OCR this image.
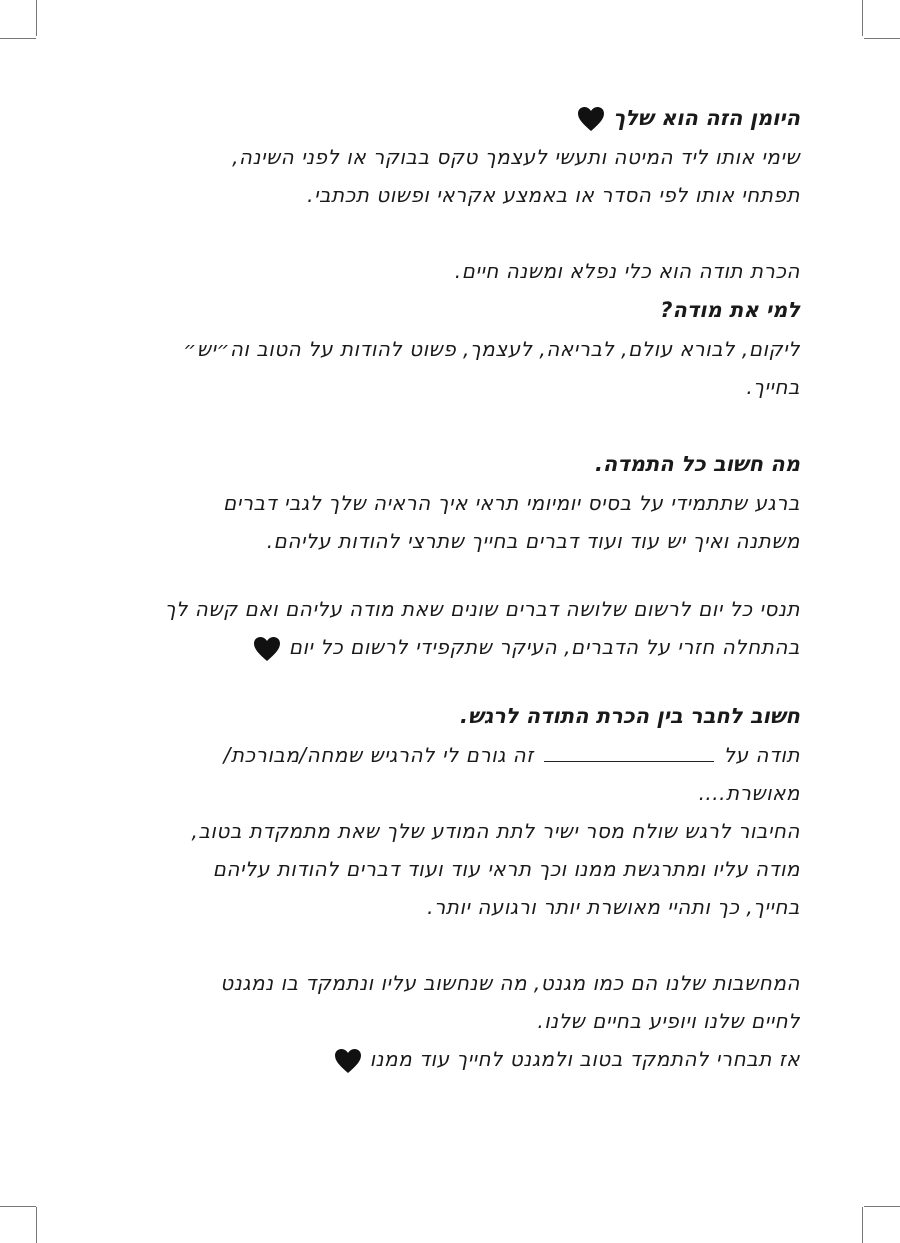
היומן הזה הוא שלך
שימי אותו ליד המיטה ותעשי לעצמך טקס בבוקר או לפני השינה,
תפתחי אותו לפי הסדר או באמצע אקראי ופשוט תכתבי.
הכרת תודה הוא כלי נפלא ומשנה חיים.
למי את מודה?
ליקום, לבורא עולם, לבריאה, לעצמך, פשוט להודות על הטוב וה״יש״
בחייך.
מה חשוב כל התמדה.
ברגע שתתמידי על בסיס יומיומי תראי איך הראיה שלך לגבי דברים
משתנה ואיך יש עוד ועוד דברים בחייך שתרצי להודות עליהם.
תנסי כל יום לרשום שלושה דברים שונים שאת מודה עליהם ואם קשה לך
בהתחלה חזרי על הדברים, העיקר שתקפידי לרשום כל יום
חשוב לחבר בין הכרת התודה לרגש.
תודה עלזה גורם לי להרגיש שמחה/מבורכת/
מאושרת....
החיבור לרגש שולח מסר ישיר לתת המודע שלך שאת מתמקדת בטוב,
מודה עליו ומתרגשת ממנו וכך תראי עוד ועוד דברים להודות עליהם
בחייך, כך ותהיי מאושרת יותר ורגועה יותר.
המחשבות שלנו הם כמו מגנט, מה שנחשוב עליו ונתמקד בו נמגנט
לחיים שלנו ויופיע בחיים שלנו.
אז תבחרי להתמקד בטוב ולמגנט לחייך עוד ממנו
